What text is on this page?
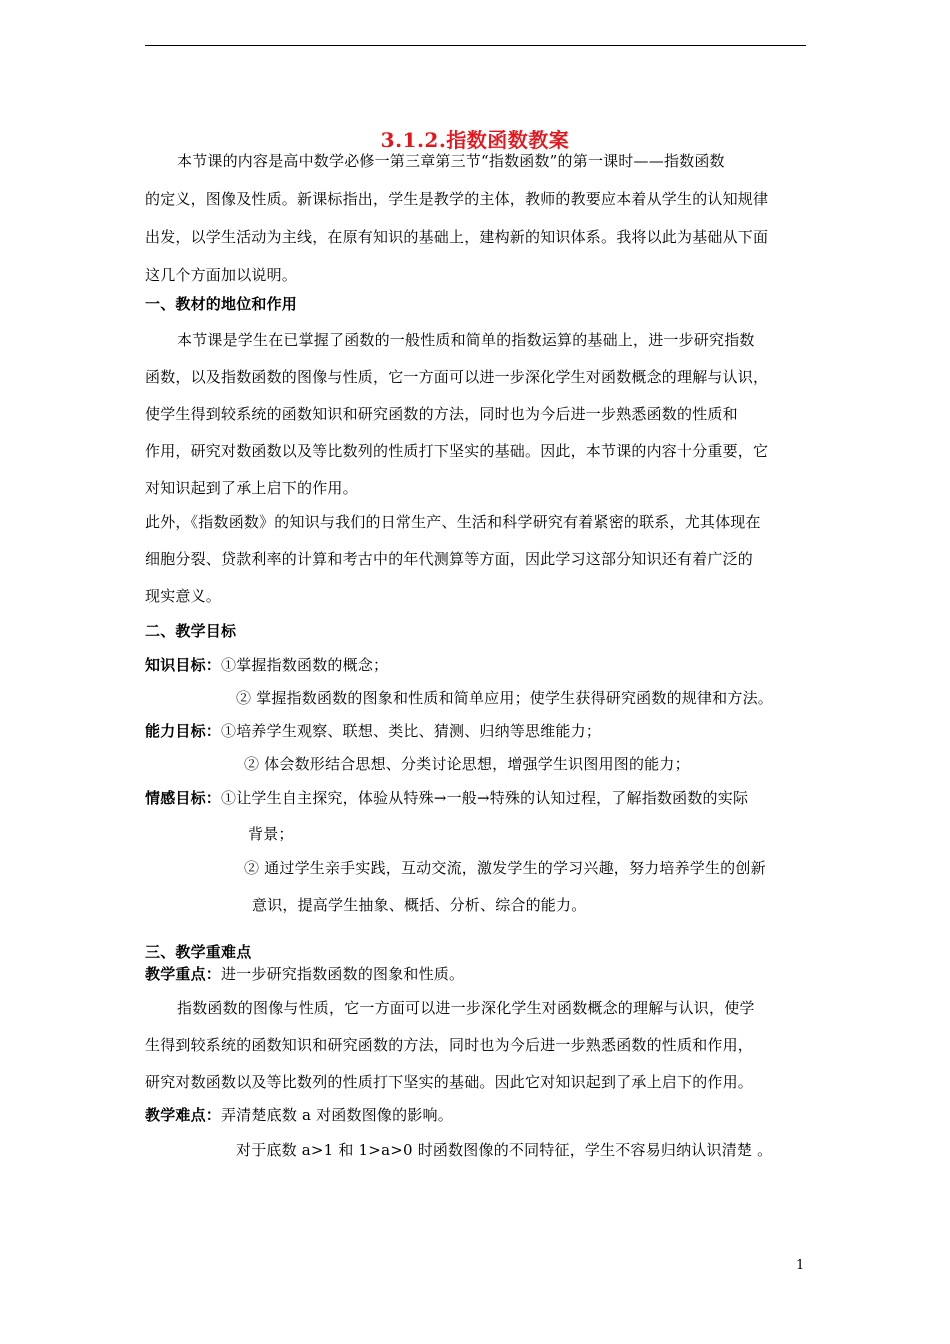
3.1.2.指数函数教案
本节课的内容是高中数学必修一第三章第三节“指数函数”的第一课时——指数函数
的定义，图像及性质。新课标指出，学生是教学的主体，教师的教要应本着从学生的认知规律
出发，以学生活动为主线，在原有知识的基础上，建构新的知识体系。我将以此为基础从下面
这几个方面加以说明。
一、教材的地位和作用
本节课是学生在已掌握了函数的一般性质和简单的指数运算的基础上，进一步研究指数
函数，以及指数函数的图像与性质，它一方面可以进一步深化学生对函数概念的理解与认识，
使学生得到较系统的函数知识和研究函数的方法，同时也为今后进一步熟悉函数的性质和
作用，研究对数函数以及等比数列的性质打下坚实的基础。因此，本节课的内容十分重要，它
对知识起到了承上启下的作用。
此外，《指数函数》的知识与我们的日常生产、生活和科学研究有着紧密的联系，尤其体现在
细胞分裂、贷款利率的计算和考古中的年代测算等方面，因此学习这部分知识还有着广泛的
现实意义。
二、教学目标
知识目标：①掌握指数函数的概念；
② 掌握指数函数的图象和性质和简单应用；使学生获得研究函数的规律和方法。
能力目标：①培养学生观察、联想、类比、猜测、归纳等思维能力；
② 体会数形结合思想、分类讨论思想，增强学生识图用图的能力；
情感目标：①让学生自主探究，体验从特殊→一般→特殊的认知过程，了解指数函数的实际
背景；
② 通过学生亲手实践，互动交流，激发学生的学习兴趣，努力培养学生的创新
意识，提高学生抽象、概括、分析、综合的能力。
三、教学重难点
教学重点：进一步研究指数函数的图象和性质。
指数函数的图像与性质，它一方面可以进一步深化学生对函数概念的理解与认识，使学
生得到较系统的函数知识和研究函数的方法，同时也为今后进一步熟悉函数的性质和作用，
研究对数函数以及等比数列的性质打下坚实的基础。因此它对知识起到了承上启下的作用。
教学难点：弄清楚底数 a 对函数图像的影响。
对于底数 a>1 和 1>a>0 时函数图像的不同特征，学生不容易归纳认识清楚 。
1
